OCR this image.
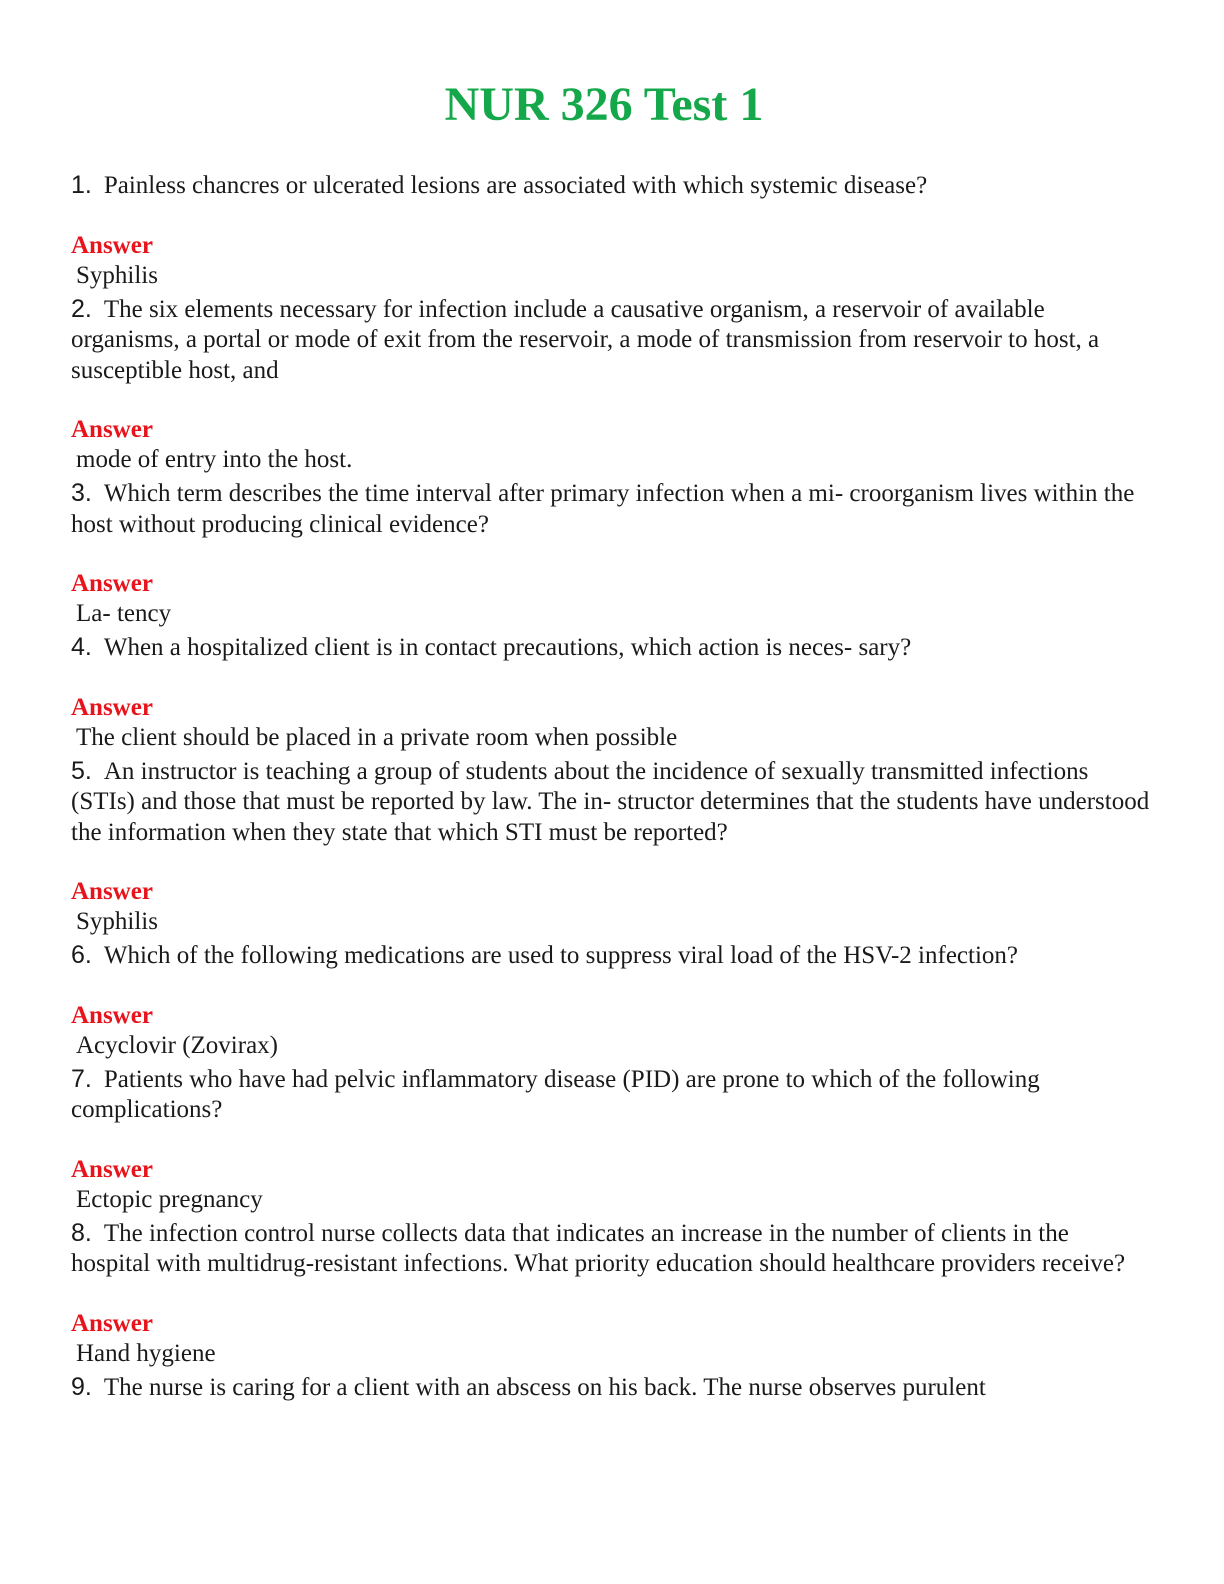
NUR 326 Test 1

1. Painless chancres or ulcerated lesions are associated with which systemic disease?

Answer

Syphilis

2. The six elements necessary for infection include a causative organism, a reservoir of available organisms, a portal or mode of exit from the reservoir, a mode of transmission from reservoir to host, a susceptible host, and

Answer

mode of entry into the host.

3. Which term describes the time interval after primary infection when a mi- croorganism lives within the host without producing clinical evidence?

Answer

La- tency

4. When a hospitalized client is in contact precautions, which action is neces- sary?

Answer

The client should be placed in a private room when possible

5. An instructor is teaching a group of students about the incidence of sexually transmitted infections (STIs) and those that must be reported by law. The in- structor determines that the students have understood the information when they state that which STI must be reported?

Answer

Syphilis

6. Which of the following medications are used to suppress viral load of the HSV-2 infection?

Answer

Acyclovir (Zovirax)

7. Patients who have had pelvic inflammatory disease (PID) are prone to which of the following complications?

Answer

Ectopic pregnancy

8. The infection control nurse collects data that indicates an increase in the number of clients in the hospital with multidrug-resistant infections. What priority education should healthcare providers receive?

Answer

Hand hygiene

9. The nurse is caring for a client with an abscess on his back. The nurse observes purulent
